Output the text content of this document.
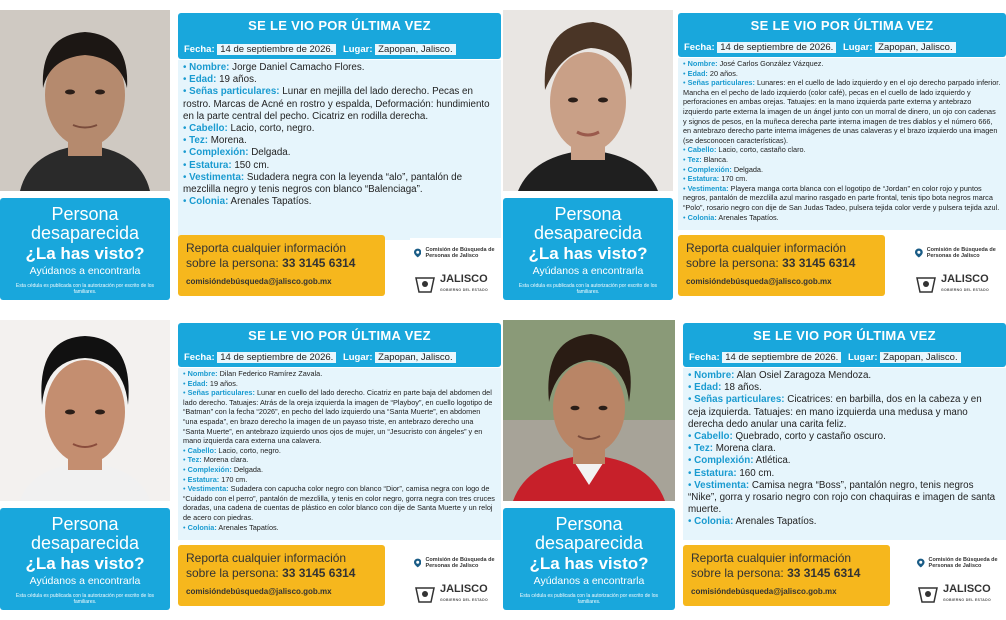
Persona
desaparecida
¿La has visto?
Ayúdanos a encontrarla
Esta cédula es publicada con la autorización por escrito de los familiares.
SE LE VIO POR ÚLTIMA VEZ
Fecha: 14 de septiembre de 2026. Lugar: Zapopan, Jalisco.

• Nombre: Jorge Daniel Camacho Flores.

• Edad: 19 años.

• Señas particulares: Lunar en mejilla del lado derecho. Pecas en rostro. Marcas de Acné en rostro y espalda, Deformación: hundimiento en la parte central del pecho. Cicatriz en rodilla derecha.

• Cabello: Lacio, corto, negro.

• Tez: Morena.

• Complexión: Delgada.

• Estatura: 150 cm.

• Vestimenta: Sudadera negra con la leyenda “alo”, pantalón de mezclilla negro y tenis negros con blanco “Balenciaga”.

• Colonia: Arenales Tapatíos.

Reporta cualquier información
sobre la persona: 33 3145 6314
comisióndebúsqueda@jalisco.gob.mx
Comisión de Búsqueda de Personas de Jalisco
JALISCO
GOBIERNO DEL ESTADO
Persona
desaparecida
¿La has visto?
Ayúdanos a encontrarla
Esta cédula es publicada con la autorización por escrito de los familiares.
SE LE VIO POR ÚLTIMA VEZ
Fecha: 14 de septiembre de 2026. Lugar: Zapopan, Jalisco.

• Nombre: José Carlos González Vázquez.

• Edad: 20 años.

• Señas particulares: Lunares: en el cuello de lado izquierdo y en el ojo derecho parpado inferior. Mancha en el pecho de lado izquierdo (color café), pecas en el cuello de lado izquierdo y perforaciones en ambas orejas. Tatuajes: en la mano izquierda parte externa y antebrazo izquierdo parte externa la imagen de un ángel junto con un morral de dinero, un ojo con cadenas y signos de pesos, en la muñeca derecha parte interna imagen de tres diablos y el número 666, en antebrazo derecho parte interna imágenes de unas calaveras y el brazo izquierdo una imagen (se desconocen características).

• Cabello: Lacio, corto, castaño claro.

• Tez: Blanca.

• Complexión: Delgada.

• Estatura: 170 cm.

• Vestimenta: Playera manga corta blanca con el logotipo de “Jordan” en color rojo y puntos negros, pantalón de mezclilla azul marino rasgado en parte frontal, tenis tipo bota negros marca “Polo”, rosario negro con dije de San Judas Tadeo, pulsera tejida color verde y pulsera tejida azul.

• Colonia: Arenales Tapatíos.

Reporta cualquier información
sobre la persona: 33 3145 6314
comisióndebúsqueda@jalisco.gob.mx
Comisión de Búsqueda de Personas de Jalisco
JALISCO
GOBIERNO DEL ESTADO
Persona
desaparecida
¿La has visto?
Ayúdanos a encontrarla
Esta cédula es publicada con la autorización por escrito de los familiares.
SE LE VIO POR ÚLTIMA VEZ
Fecha: 14 de septiembre de 2026. Lugar: Zapopan, Jalisco.

• Nombre: Dilan Federico Ramírez Zavala.

• Edad: 19 años.

• Señas particulares: Lunar en cuello del lado derecho. Cicatriz en parte baja del abdomen del lado derecho. Tatuajes: Atrás de la oreja izquierda la imagen de “Playboy”, en cuello logotipo de “Batman” con la fecha “2026”, en pecho del lado izquierdo una “Santa Muerte”, en abdomen “una espada”, en brazo derecho la imagen de un payaso triste, en antebrazo derecho una “Santa Muerte”, en antebrazo izquierdo unos ojos de mujer, un “Jesucristo con ángeles” y en mano izquierda cara externa una calavera.

• Cabello: Lacio, corto, negro.

• Tez: Morena clara.

• Complexión: Delgada.

• Estatura: 170 cm.

• Vestimenta: Sudadera con capucha color negro con blanco “Dior”, camisa negra con logo de “Cuidado con el perro”, pantalón de mezclilla, y tenis en color negro, gorra negra con tres cruces doradas, una cadena de cuentas de plástico en color blanco con dije de Santa Muerte y un reloj de acero con piedras.

• Colonia: Arenales Tapatíos.

Reporta cualquier información
sobre la persona: 33 3145 6314
comisióndebúsqueda@jalisco.gob.mx
Comisión de Búsqueda de Personas de Jalisco
JALISCO
GOBIERNO DEL ESTADO
Persona
desaparecida
¿La has visto?
Ayúdanos a encontrarla
Esta cédula es publicada con la autorización por escrito de los familiares.
SE LE VIO POR ÚLTIMA VEZ
Fecha: 14 de septiembre de 2026. Lugar: Zapopan, Jalisco.

• Nombre: Alan Osiel Zaragoza Mendoza.

• Edad: 18 años.

• Señas particulares: Cicatrices: en barbilla, dos en la cabeza y en ceja izquierda. Tatuajes: en mano izquierda una medusa y mano derecha dedo anular una carita feliz.

• Cabello: Quebrado, corto y castaño oscuro.

• Tez: Morena clara.

• Complexión: Atlética.

• Estatura: 160 cm.

• Vestimenta: Camisa negra “Boss”, pantalón negro, tenis negros “Nike”, gorra y rosario negro con rojo con chaquiras e imagen de santa muerte.

• Colonia: Arenales Tapatíos.

Reporta cualquier información
sobre la persona: 33 3145 6314
comisióndebúsqueda@jalisco.gob.mx
Comisión de Búsqueda de Personas de Jalisco
JALISCO
GOBIERNO DEL ESTADO
